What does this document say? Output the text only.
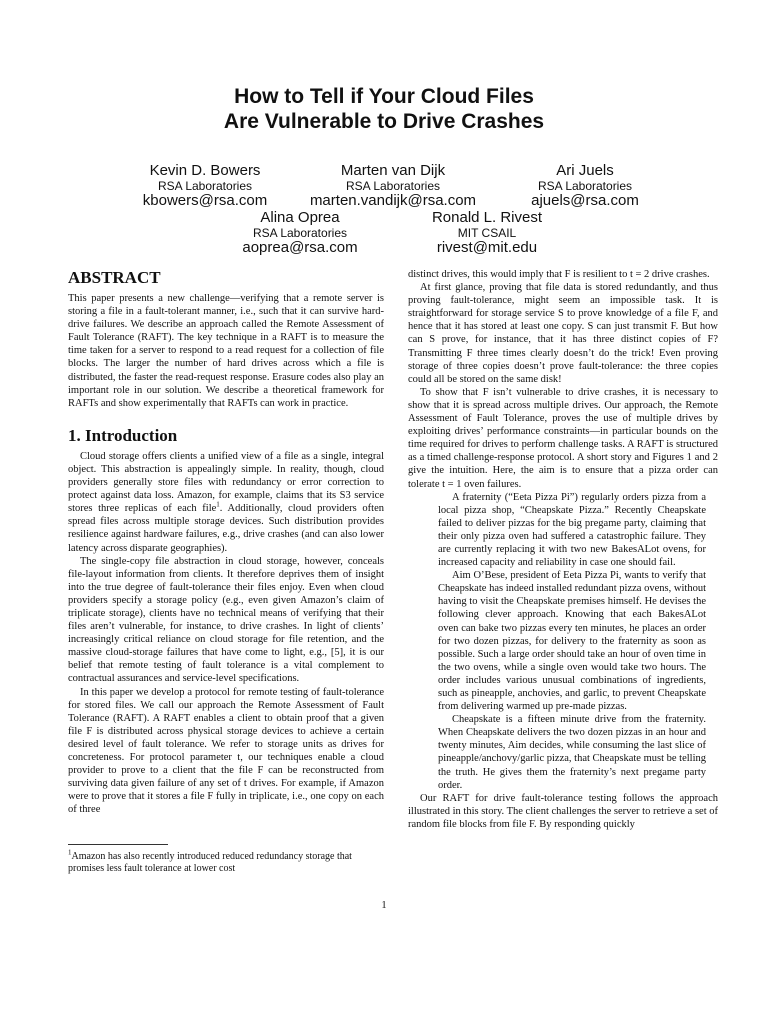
How to Tell if Your Cloud Files
Are Vulnerable to Drive Crashes
Kevin D. Bowers
RSA Laboratories
kbowers@rsa.com
Marten van Dijk
RSA Laboratories
marten.vandijk@rsa.com
Ari Juels
RSA Laboratories
ajuels@rsa.com
Alina Oprea
RSA Laboratories
aoprea@rsa.com
Ronald L. Rivest
MIT CSAIL
rivest@mit.edu
ABSTRACT

This paper presents a new challenge—verifying that a remote server is storing a file in a fault-tolerant manner, i.e., such that it can survive hard-drive failures. We describe an approach called the Remote Assessment of Fault Tolerance (RAFT). The key technique in a RAFT is to measure the time taken for a server to respond to a read request for a collection of file blocks. The larger the number of hard drives across which a file is distributed, the faster the read-request response. Erasure codes also play an important role in our solution. We describe a theoretical framework for RAFTs and show experimentally that RAFTs can work in practice.

1. Introduction

Cloud storage offers clients a unified view of a file as a single, integral object. This abstraction is appealingly simple. In reality, though, cloud providers generally store files with redundancy or error correction to protect against data loss. Amazon, for example, claims that its S3 service stores three replicas of each file$^1$. Additionally, cloud providers often spread files across multiple storage devices. Such distribution provides resilience against hardware failures, e.g., drive crashes (and can also lower latency across disparate geographies).

The single-copy file abstraction in cloud storage, however, conceals file-layout information from clients. It therefore deprives them of insight into the true degree of fault-tolerance their files enjoy. Even when cloud providers specify a storage policy (e.g., even given Amazon’s claim of triplicate storage), clients have no technical means of verifying that their files aren’t vulnerable, for instance, to drive crashes. In light of clients’ increasingly critical reliance on cloud storage for file retention, and the massive cloud-storage failures that have come to light, e.g., [5], it is our belief that remote testing of fault tolerance is a vital complement to contractual assurances and service-level specifications.

In this paper we develop a protocol for remote testing of fault-tolerance for stored files. We call our approach the Remote Assessment of Fault Tolerance (RAFT). A RAFT enables a client to obtain proof that a given file F is distributed across physical storage devices to achieve a certain desired level of fault tolerance. We refer to storage units as drives for concreteness. For protocol parameter t, our techniques enable a cloud provider to prove to a client that the file F can be reconstructed from surviving data given failure of any set of t drives. For example, if Amazon were to prove that it stores a file F fully in triplicate, i.e., one copy on each of three

distinct drives, this would imply that F is resilient to t = 2 drive crashes.

At first glance, proving that file data is stored redundantly, and thus proving fault-tolerance, might seem an impossible task. It is straightforward for storage service S to prove knowledge of a file F, and hence that it has stored at least one copy. S can just transmit F. But how can S prove, for instance, that it has three distinct copies of F? Transmitting F three times clearly doesn’t do the trick! Even proving storage of three copies doesn’t prove fault-tolerance: the three copies could all be stored on the same disk!

To show that F isn’t vulnerable to drive crashes, it is necessary to show that it is spread across multiple drives. Our approach, the Remote Assessment of Fault Tolerance, proves the use of multiple drives by exploiting drives’ performance constraints—in particular bounds on the time required for drives to perform challenge tasks. A RAFT is structured as a timed challenge-response protocol. A short story and Figures 1 and 2 give the intuition. Here, the aim is to ensure that a pizza order can tolerate t = 1 oven failures.

A fraternity (“Eeta Pizza Pi”) regularly orders pizza from a local pizza shop, “Cheapskate Pizza.” Recently Cheapskate failed to deliver pizzas for the big pregame party, claiming that their only pizza oven had suffered a catastrophic failure. They are currently replacing it with two new BakesALot ovens, for increased capacity and reliability in case one should fail.

Aim O’Bese, president of Eeta Pizza Pi, wants to verify that Cheapskate has indeed installed redundant pizza ovens, without having to visit the Cheapskate premises himself. He devises the following clever approach. Knowing that each BakesALot oven can bake two pizzas every ten minutes, he places an order for two dozen pizzas, for delivery to the fraternity as soon as possible. Such a large order should take an hour of oven time in the two ovens, while a single oven would take two hours. The order includes various unusual combinations of ingredients, such as pineapple, anchovies, and garlic, to prevent Cheapskate from delivering warmed up pre-made pizzas.

Cheapskate is a fifteen minute drive from the fraternity. When Cheapskate delivers the two dozen pizzas in an hour and twenty minutes, Aim decides, while consuming the last slice of pineapple/anchovy/garlic pizza, that Cheapskate must be telling the truth. He gives them the fraternity’s next pregame party order.

Our RAFT for drive fault-tolerance testing follows the approach illustrated in this story. The client challenges the server to retrieve a set of random file blocks from file F. By responding quickly

$^1$Amazon has also recently introduced reduced redundancy storage that promises less fault tolerance at lower cost
1
